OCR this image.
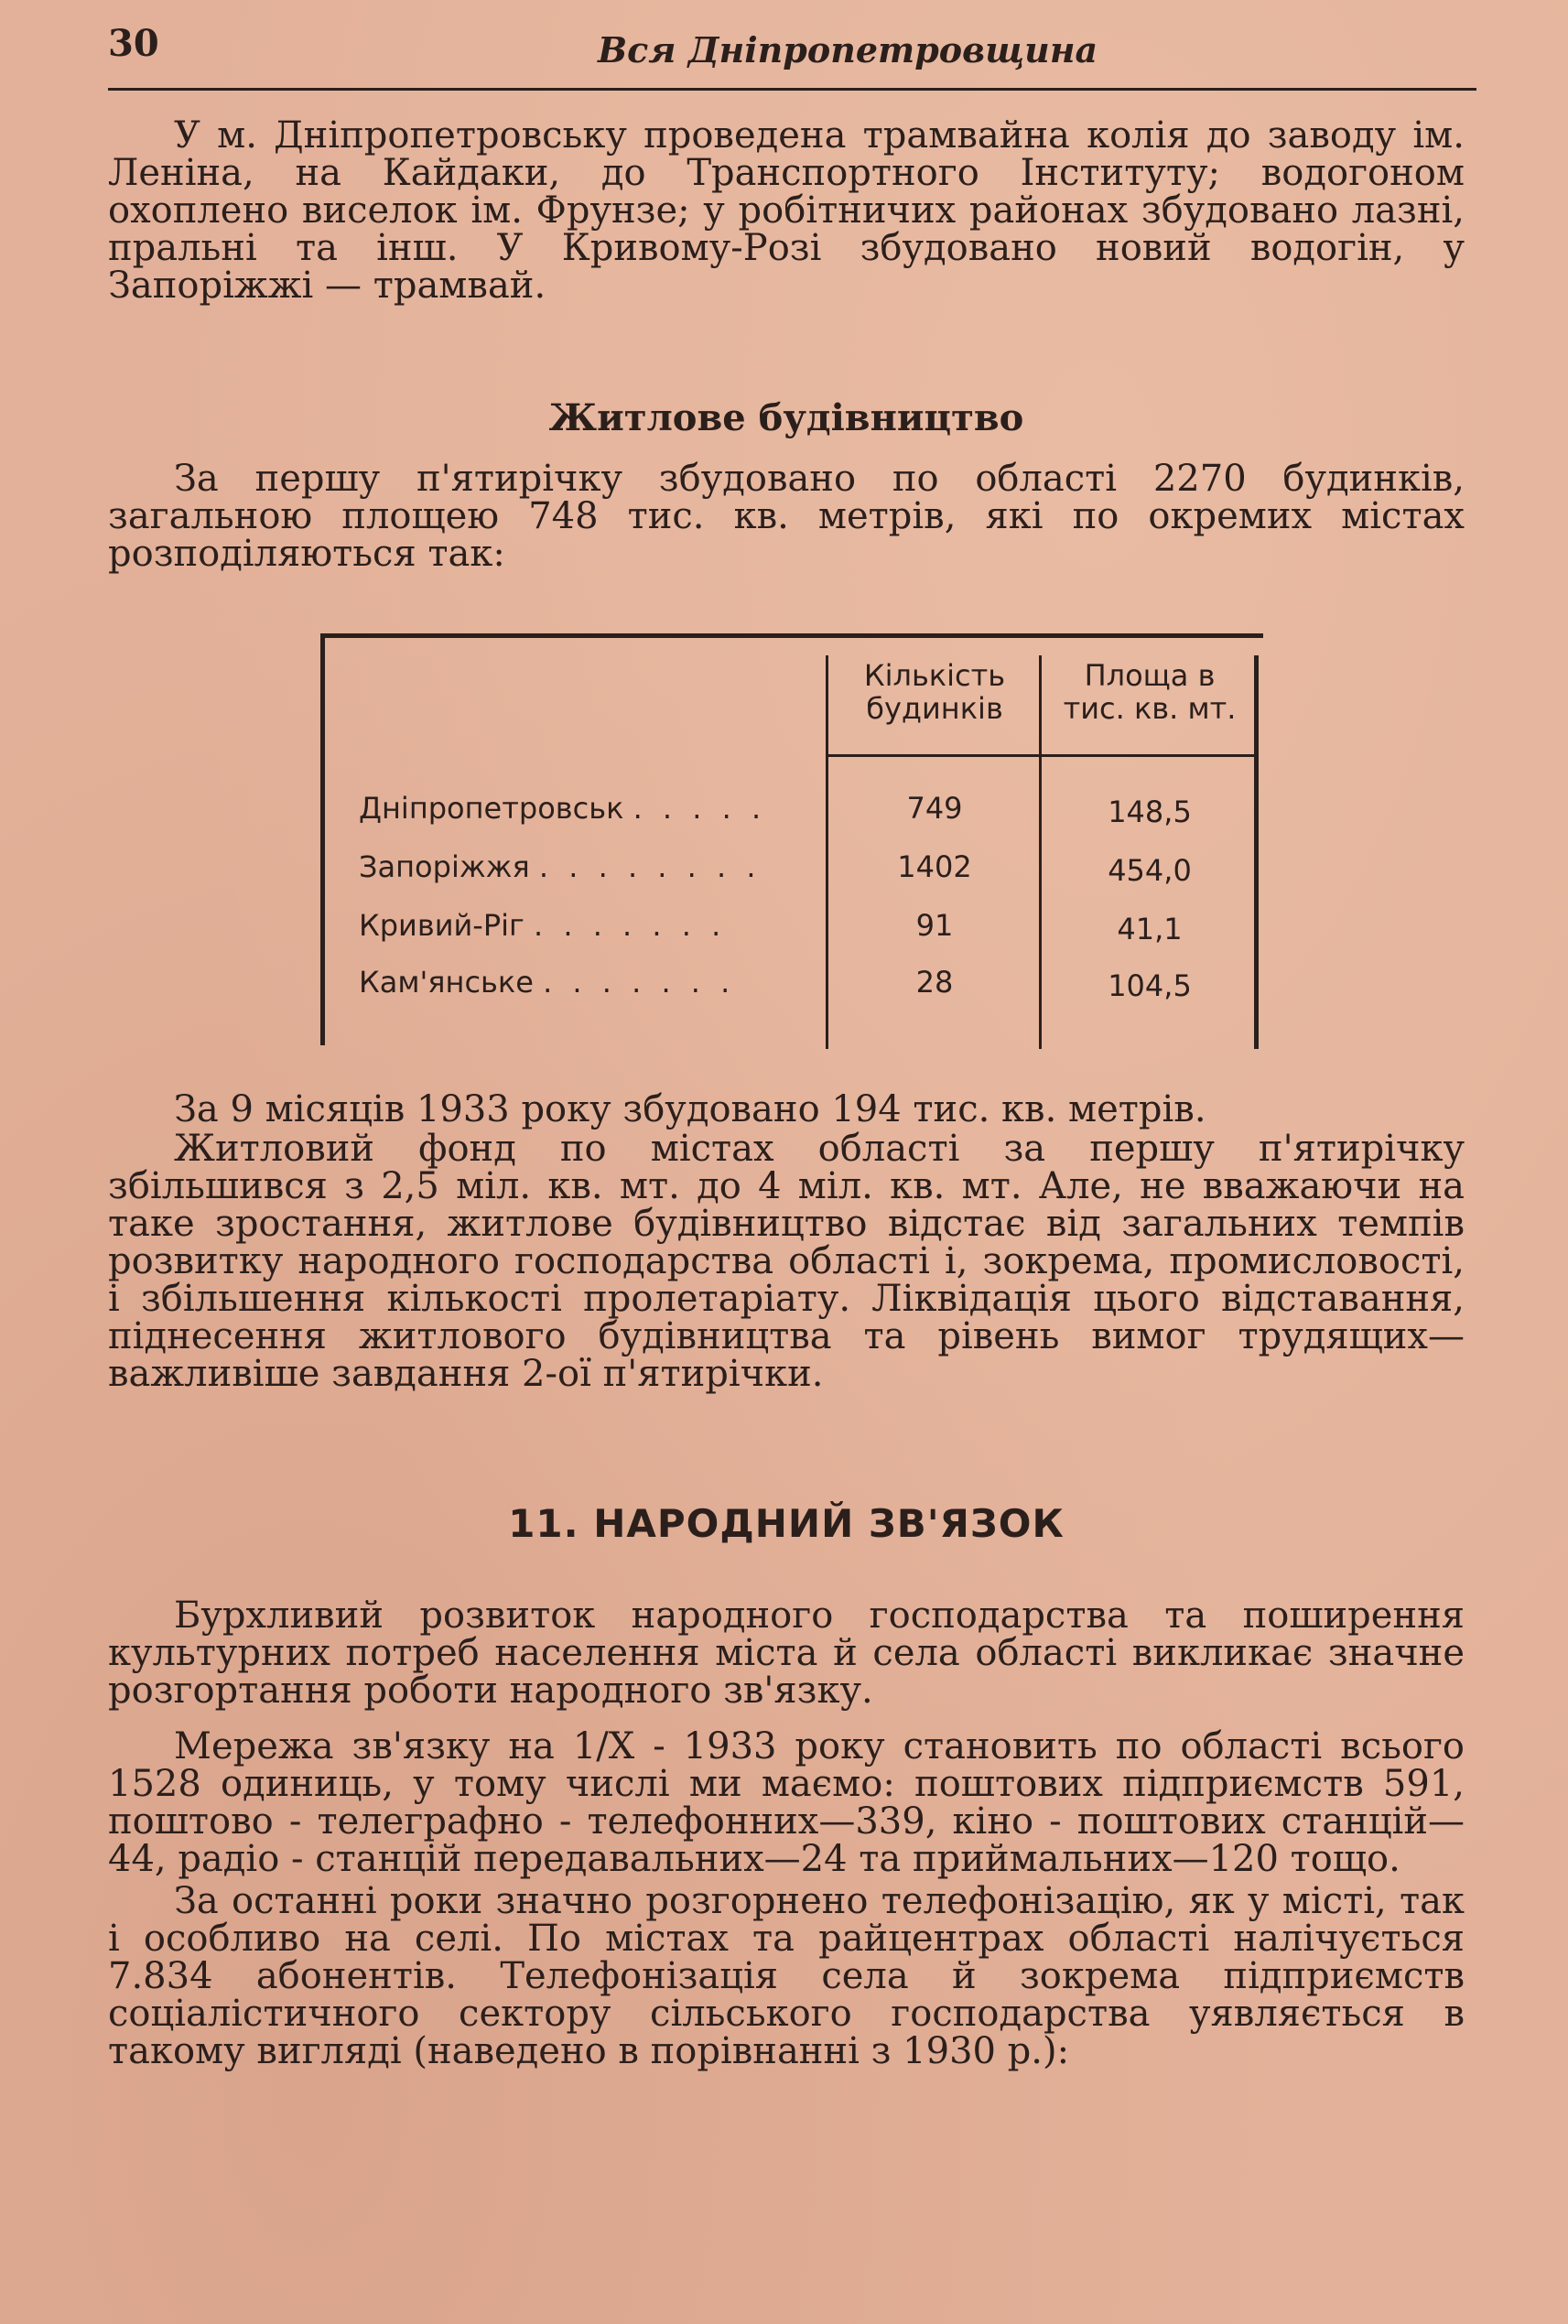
30	Вся Дніпропетровщина

У м. Дніпропетровську проведена трамвайна колія до заводу ім. Леніна, на Кайдаки, до Транспортного Інституту; водогоном охоплено виселок ім. Фрунзе; у робітничих районах збудовано лазні, пральні та інш. У Кривому-Розі збудовано новий водогін, у Запоріжжі — трамвай.

Житлове будівництво

За першу п'ятирічку збудовано по області 2270 будинків, загальною площею 748 тис. кв. метрів, які по окремих містах розподіляються так:

Кількість
будинків
Площа в
тис. кв. мт.
Дніпропетровськ . . . . .	749	148,5
Запоріжжя . . . . . . . .	1402	454,0
Кривий-Ріг . . . . . . .	91	41,1
Кам'янське . . . . . . .	28	104,5

За 9 місяців 1933 року збудовано 194 тис. кв. метрів.

Житловий фонд по містах області за першу п'ятирічку збільшився з 2,5 міл. кв. мт. до 4 міл. кв. мт. Але, не вважаючи на таке зростання, житлове будівництво відстає від загальних темпів розвитку народного господарства області і, зокрема, промисловості, і збільшення кількості пролетаріату. Ліквідація цього відставання, піднесення житлового будівництва та рівень вимог трудящих—важливіше завдання 2-ої п'ятирічки.

11. НАРОДНИЙ ЗВ'ЯЗОК

Бурхливий розвиток народного господарства та поширення культурних потреб населення міста й села області викликає значне розгортання роботи народного зв'язку.

Мережа зв'язку на 1/X - 1933 року становить по області всього 1528 одиниць, у тому числі ми маємо: поштових підприємств 591, поштово - телеграфно - телефонних—339, кіно - поштових станцій—44, радіо - станцій передавальних—24 та приймальних—120 тощо.

За останні роки значно розгорнено телефонізацію, як у місті, так і особливо на селі. По містах та райцентрах області налічується 7.834 абонентів. Телефонізація села й зокрема підприємств соціалістичного сектору сільського господарства уявляється в такому вигляді (наведено в порівнанні з 1930 р.):
